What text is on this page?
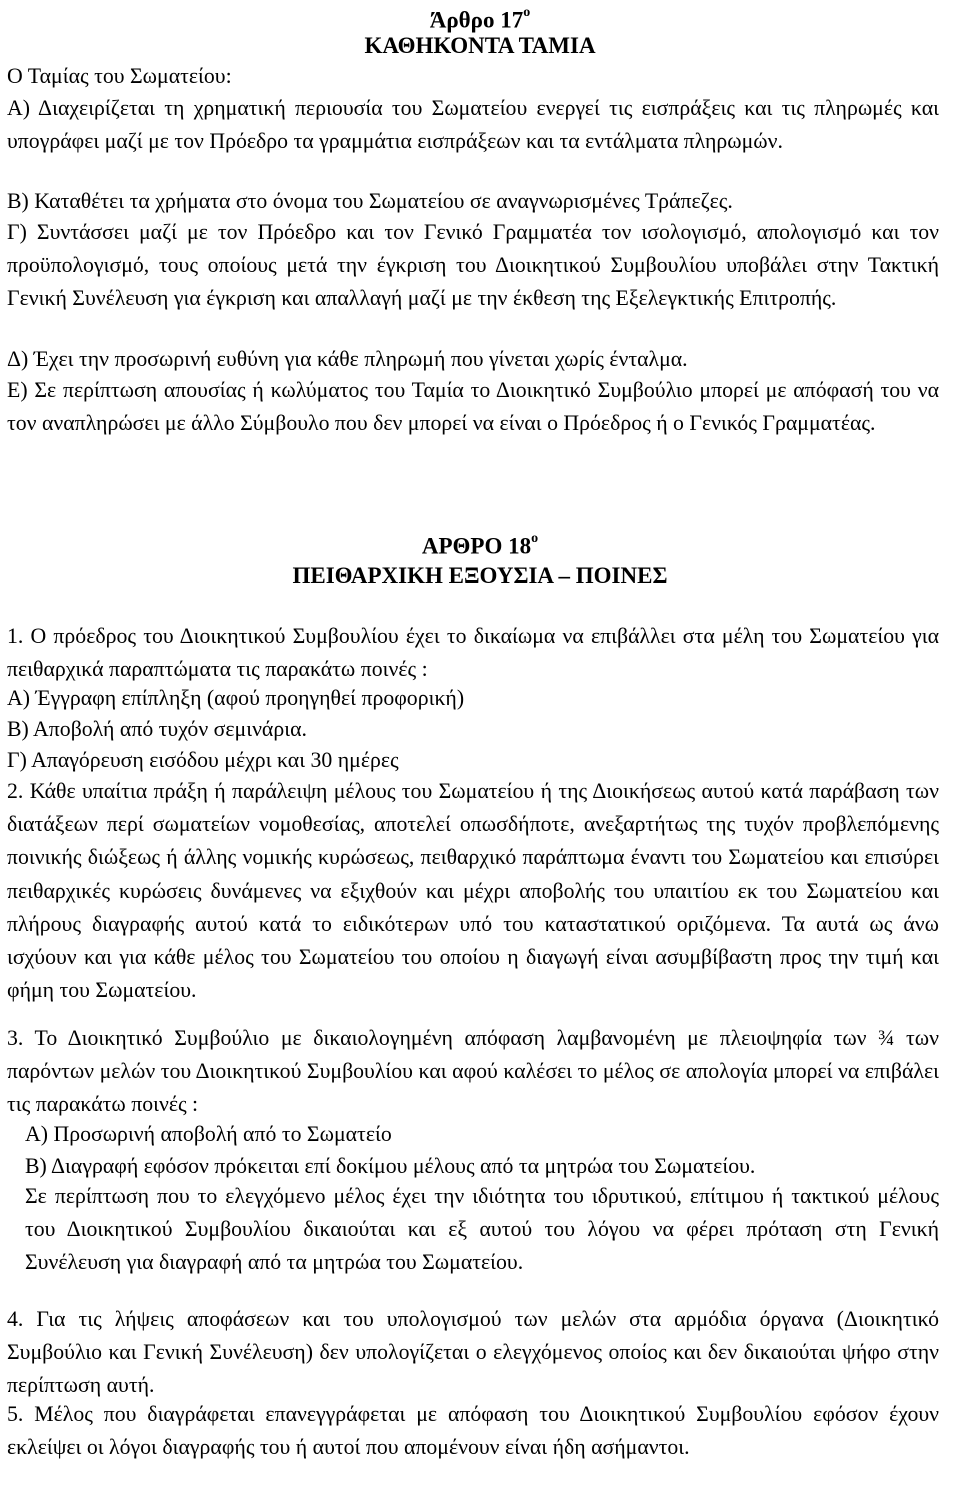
Άρθρο $17^o$
ΚΑΘΗΚΟΝΤΑ ΤΑΜΙΑ

Ο Ταμίας του Σωματείου:

Α) Διαχειρίζεται τη χρηματική περιουσία του Σωματείου ενεργεί τις εισπράξεις και τις πληρωμές και υπογράφει μαζί με τον Πρόεδρο τα γραμμάτια εισπράξεων και τα εντάλματα πληρωμών.

Β) Καταθέτει τα χρήματα στο όνομα του Σωματείου σε αναγνωρισμένες Τράπεζες.

Γ) Συντάσσει μαζί με τον Πρόεδρο και τον Γενικό Γραμματέα τον ισολογισμό, απολογισμό και τον προϋπολογισμό, τους οποίους μετά την έγκριση του Διοικητικού Συμβουλίου υποβάλει στην Τακτική Γενική Συνέλευση για έγκριση και απαλλαγή μαζί με την έκθεση της Εξελεγκτικής Επιτροπής.

Δ) Έχει την προσωρινή ευθύνη για κάθε πληρωμή που γίνεται χωρίς ένταλμα.

Ε) Σε περίπτωση απουσίας ή κωλύματος του Ταμία το Διοικητικό Συμβούλιο μπορεί με απόφασή του να τον αναπληρώσει με άλλο Σύμβουλο που δεν μπορεί να είναι ο Πρόεδρος ή ο Γενικός Γραμματέας.

ΑΡΘΡΟ $18^o$
ΠΕΙΘΑΡΧΙΚΗ ΕΞΟΥΣΙΑ – ΠΟΙΝΕΣ

1. Ο πρόεδρος του Διοικητικού Συμβουλίου έχει το δικαίωμα να επιβάλλει στα μέλη του Σωματείου για πειθαρχικά παραπτώματα τις παρακάτω ποινές :

Α) Έγγραφη επίπληξη (αφού προηγηθεί προφορική)

Β) Αποβολή από τυχόν σεμινάρια.

Γ) Απαγόρευση εισόδου μέχρι και 30 ημέρες

2. Κάθε υπαίτια πράξη ή παράλειψη μέλους του Σωματείου ή της Διοικήσεως αυτού κατά παράβαση των διατάξεων περί σωματείων νομοθεσίας, αποτελεί οπωσδήποτε, ανεξαρτήτως της τυχόν προβλεπόμενης ποινικής διώξεως ή άλλης νομικής κυρώσεως, πειθαρχικό παράπτωμα έναντι του Σωματείου και επισύρει πειθαρχικές κυρώσεις δυνάμενες να εξιχθούν και μέχρι αποβολής του υπαιτίου εκ του Σωματείου και πλήρους διαγραφής αυτού κατά το ειδικότερων υπό του καταστατικού οριζόμενα. Τα αυτά ως άνω ισχύουν και για κάθε μέλος του Σωματείου του οποίου η διαγωγή είναι ασυμβίβαστη προς την τιμή και φήμη του Σωματείου.

3. Το Διοικητικό Συμβούλιο με δικαιολογημένη απόφαση λαμβανομένη με πλειοψηφία των ¾ των παρόντων μελών του Διοικητικού Συμβουλίου και αφού καλέσει το μέλος σε απολογία μπορεί να επιβάλει τις παρακάτω ποινές :

Α) Προσωρινή αποβολή από το Σωματείο

Β) Διαγραφή εφόσον πρόκειται επί δοκίμου μέλους από τα μητρώα του Σωματείου.

Σε περίπτωση που το ελεγχόμενο μέλος έχει την ιδιότητα του ιδρυτικού, επίτιμου ή τακτικού μέλους του Διοικητικού Συμβουλίου δικαιούται και εξ αυτού του λόγου να φέρει πρόταση στη Γενική Συνέλευση για διαγραφή από τα μητρώα του Σωματείου.

4. Για τις λήψεις αποφάσεων και του υπολογισμού των μελών στα αρμόδια όργανα (Διοικητικό Συμβούλιο και Γενική Συνέλευση) δεν υπολογίζεται ο ελεγχόμενος οποίος και δεν δικαιούται ψήφο στην περίπτωση αυτή.

5. Μέλος που διαγράφεται επανεγγράφεται με απόφαση του Διοικητικού Συμβουλίου εφόσον έχουν εκλείψει οι λόγοι διαγραφής του ή αυτοί που απομένουν είναι ήδη ασήμαντοι.
